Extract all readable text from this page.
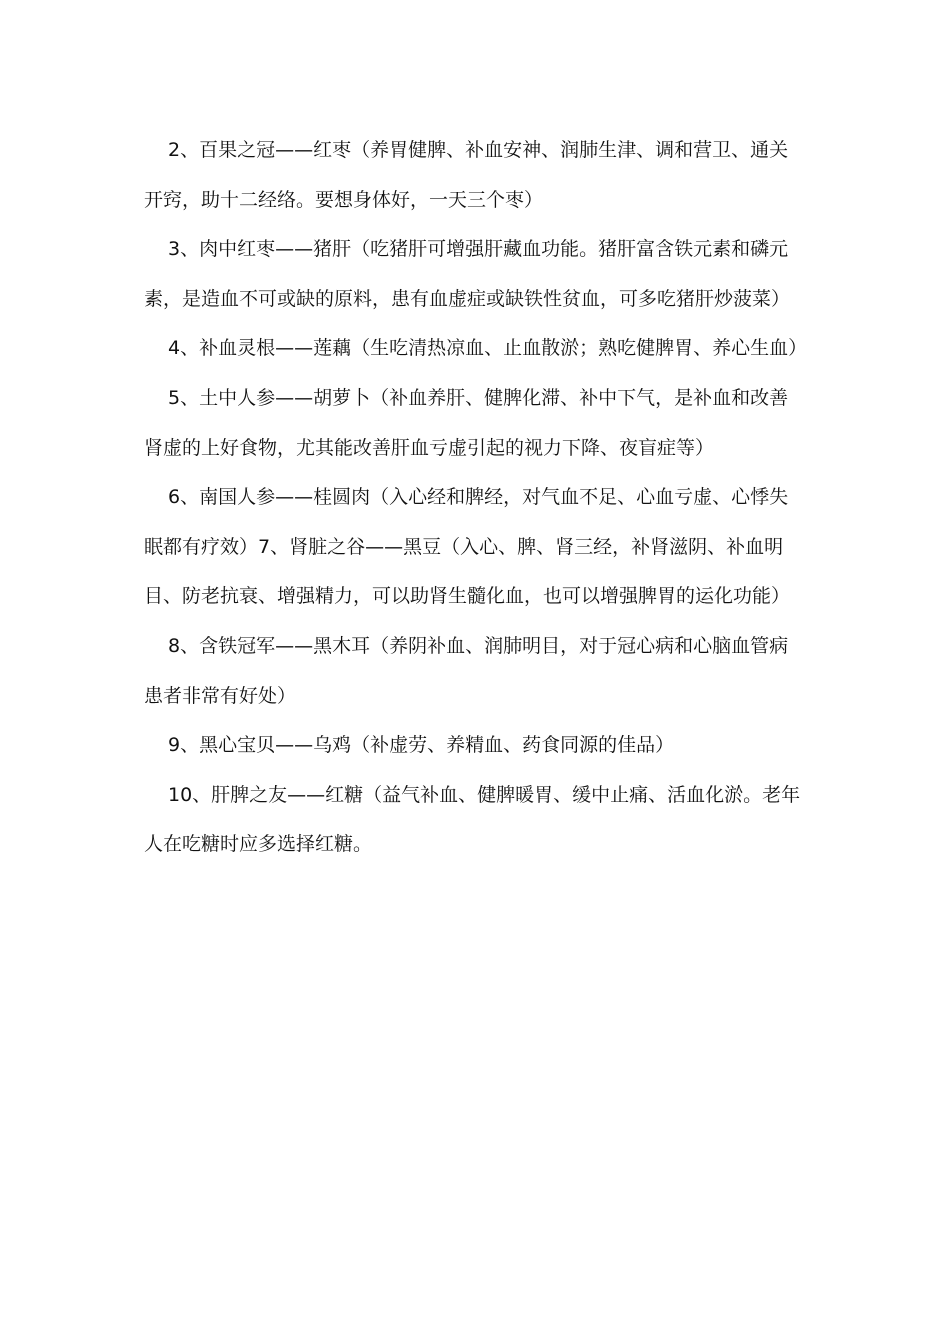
2、百果之冠——红枣（养胃健脾、补血安神、润肺生津、调和营卫、通关开窍，助十二经络。要想身体好，一天三个枣）

3、肉中红枣——猪肝（吃猪肝可增强肝藏血功能。猪肝富含铁元素和磷元素，是造血不可或缺的原料，患有血虚症或缺铁性贫血，可多吃猪肝炒菠菜）

4、补血灵根——莲藕（生吃清热凉血、止血散淤；熟吃健脾胃、养心生血）

5、土中人参——胡萝卜（补血养肝、健脾化滞、补中下气，是补血和改善肾虚的上好食物，尤其能改善肝血亏虚引起的视力下降、夜盲症等）

6、南国人参——桂圆肉（入心经和脾经，对气血不足、心血亏虚、心悸失眠都有疗效）7、肾脏之谷——黑豆（入心、脾、肾三经，补肾滋阴、补血明目、防老抗衰、增强精力，可以助肾生髓化血，也可以增强脾胃的运化功能）

8、含铁冠军——黑木耳（养阴补血、润肺明目，对于冠心病和心脑血管病患者非常有好处）

9、黑心宝贝——乌鸡（补虚劳、养精血、药食同源的佳品）

10、肝脾之友——红糖（益气补血、健脾暖胃、缓中止痛、活血化淤。老年人在吃糖时应多选择红糖。
